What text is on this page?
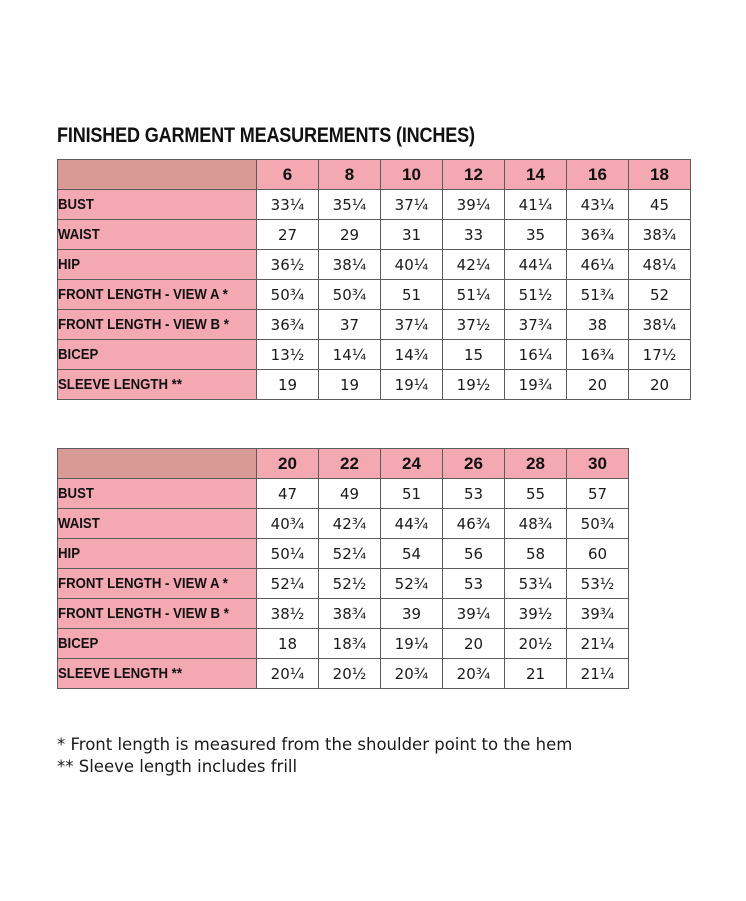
FINISHED GARMENT MEASUREMENTS (INCHES)
	6	8	10	12	14	16	18
BUST	33¼	35¼	37¼	39¼	41¼	43¼	45
WAIST	27	29	31	33	35	36¾	38¾
HIP	36½	38¼	40¼	42¼	44¼	46¼	48¼
FRONT LENGTH - VIEW A *	50¾	50¾	51	51¼	51½	51¾	52
FRONT LENGTH - VIEW B *	36¾	37	37¼	37½	37¾	38	38¼
BICEP	13½	14¼	14¾	15	16¼	16¾	17½
SLEEVE LENGTH **	19	19	19¼	19½	19¾	20	20
	20	22	24	26	28	30
BUST	47	49	51	53	55	57
WAIST	40¾	42¾	44¾	46¾	48¾	50¾
HIP	50¼	52¼	54	56	58	60
FRONT LENGTH - VIEW A *	52¼	52½	52¾	53	53¼	53½
FRONT LENGTH - VIEW B *	38½	38¾	39	39¼	39½	39¾
BICEP	18	18¾	19¼	20	20½	21¼
SLEEVE LENGTH **	20¼	20½	20¾	20¾	21	21¼
* Front length is measured from the shoulder point to the hem
** Sleeve length includes frill
